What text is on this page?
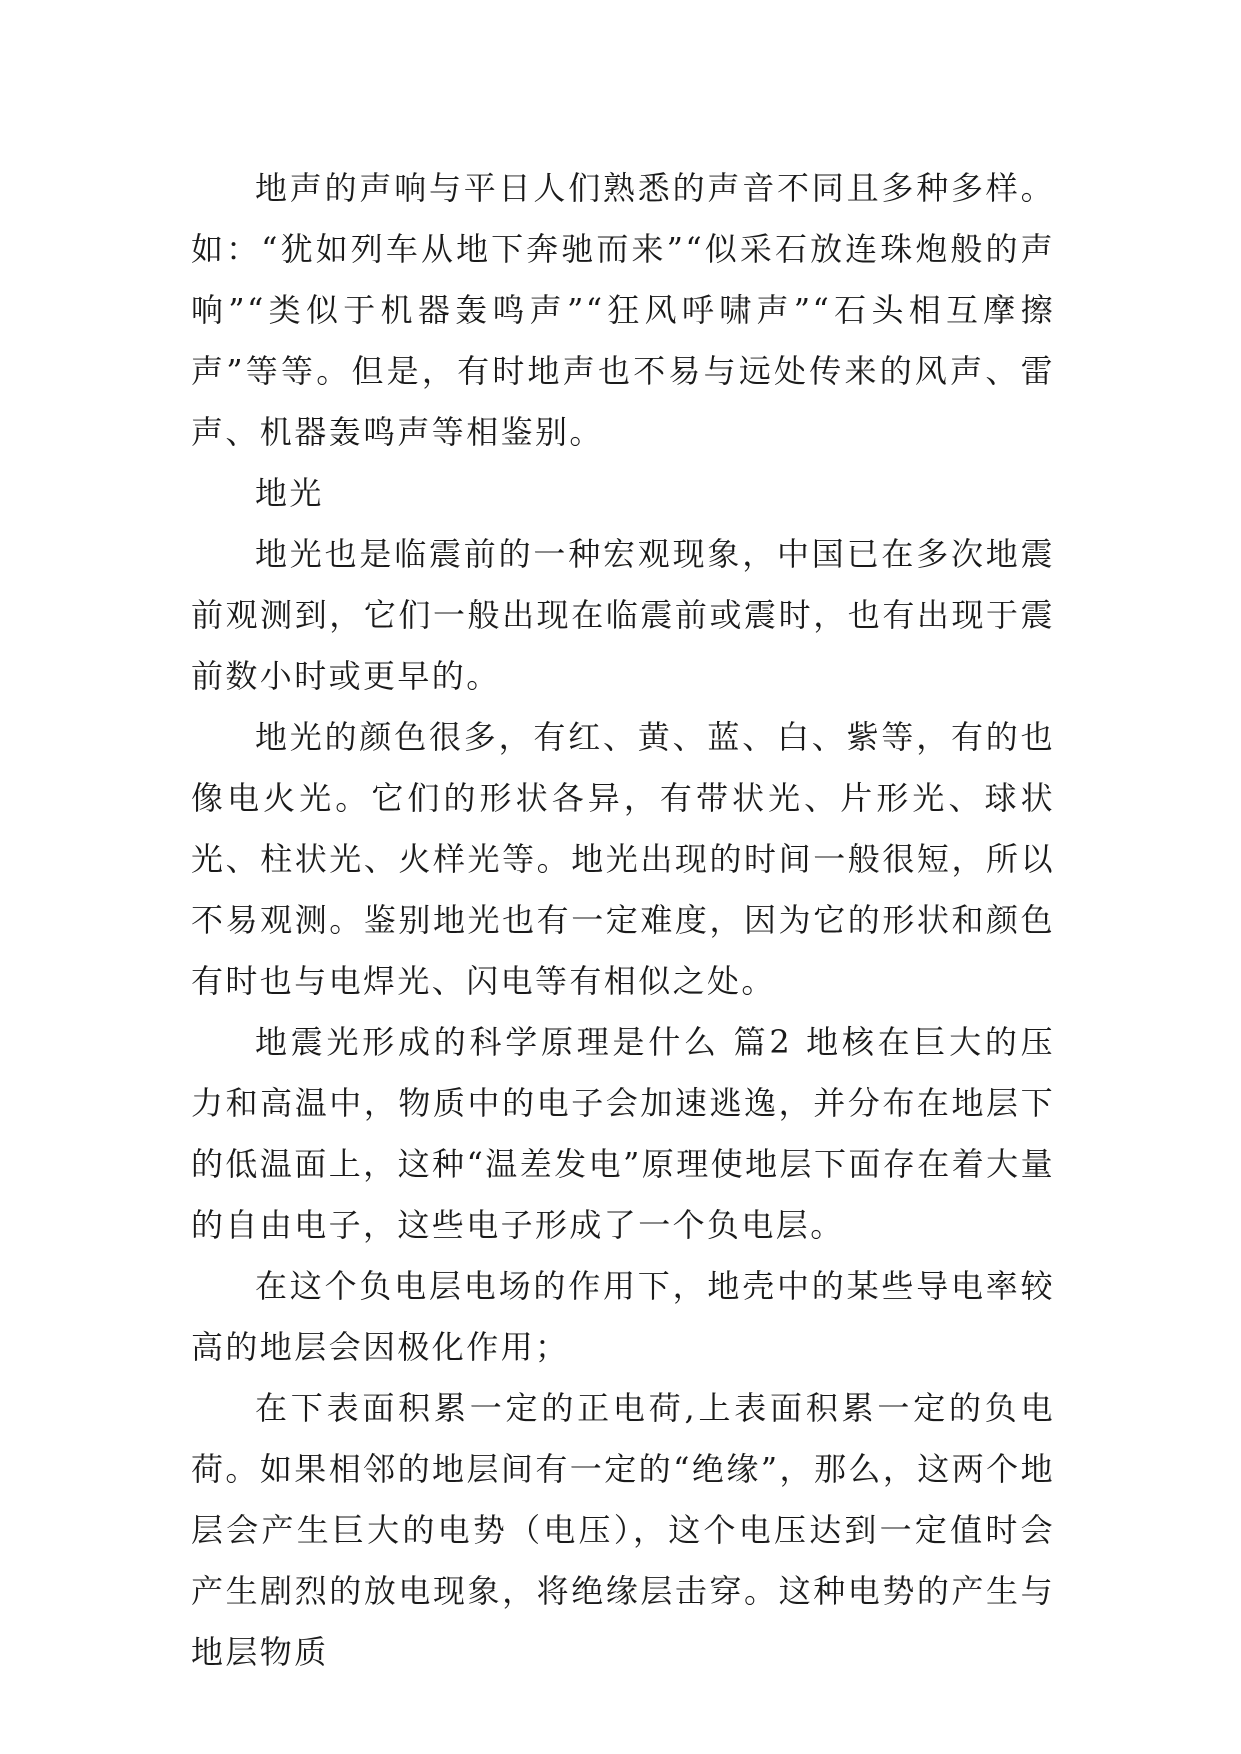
地声的声响与平日人们熟悉的声音不同且多种多样。如：“犹如列车从地下奔驰而来”“似采石放连珠炮般的声响”“类似于机器轰鸣声”“狂风呼啸声”“石头相互摩擦声”等等。但是，有时地声也不易与远处传来的风声、雷声、机器轰鸣声等相鉴别。

地光

地光也是临震前的一种宏观现象，中国已在多次地震前观测到，它们一般出现在临震前或震时，也有出现于震前数小时或更早的。

地光的颜色很多，有红、黄、蓝、白、紫等，有的也像电火光。它们的形状各异，有带状光、片形光、球状光、柱状光、火样光等。地光出现的时间一般很短，所以不易观测。鉴别地光也有一定难度，因为它的形状和颜色有时也与电焊光、闪电等有相似之处。

地震光形成的科学原理是什么 篇2 地核在巨大的压力和高温中，物质中的电子会加速逃逸，并分布在地层下的低温面上，这种“温差发电”原理使地层下面存在着大量的自由电子，这些电子形成了一个负电层。

在这个负电层电场的作用下，地壳中的某些导电率较高的地层会因极化作用；

在下表面积累一定的正电荷,上表面积累一定的负电荷。如果相邻的地层间有一定的“绝缘”，那么，这两个地层会产生巨大的电势（电压），这个电压达到一定值时会产生剧烈的放电现象，将绝缘层击穿。这种电势的产生与地层物质
